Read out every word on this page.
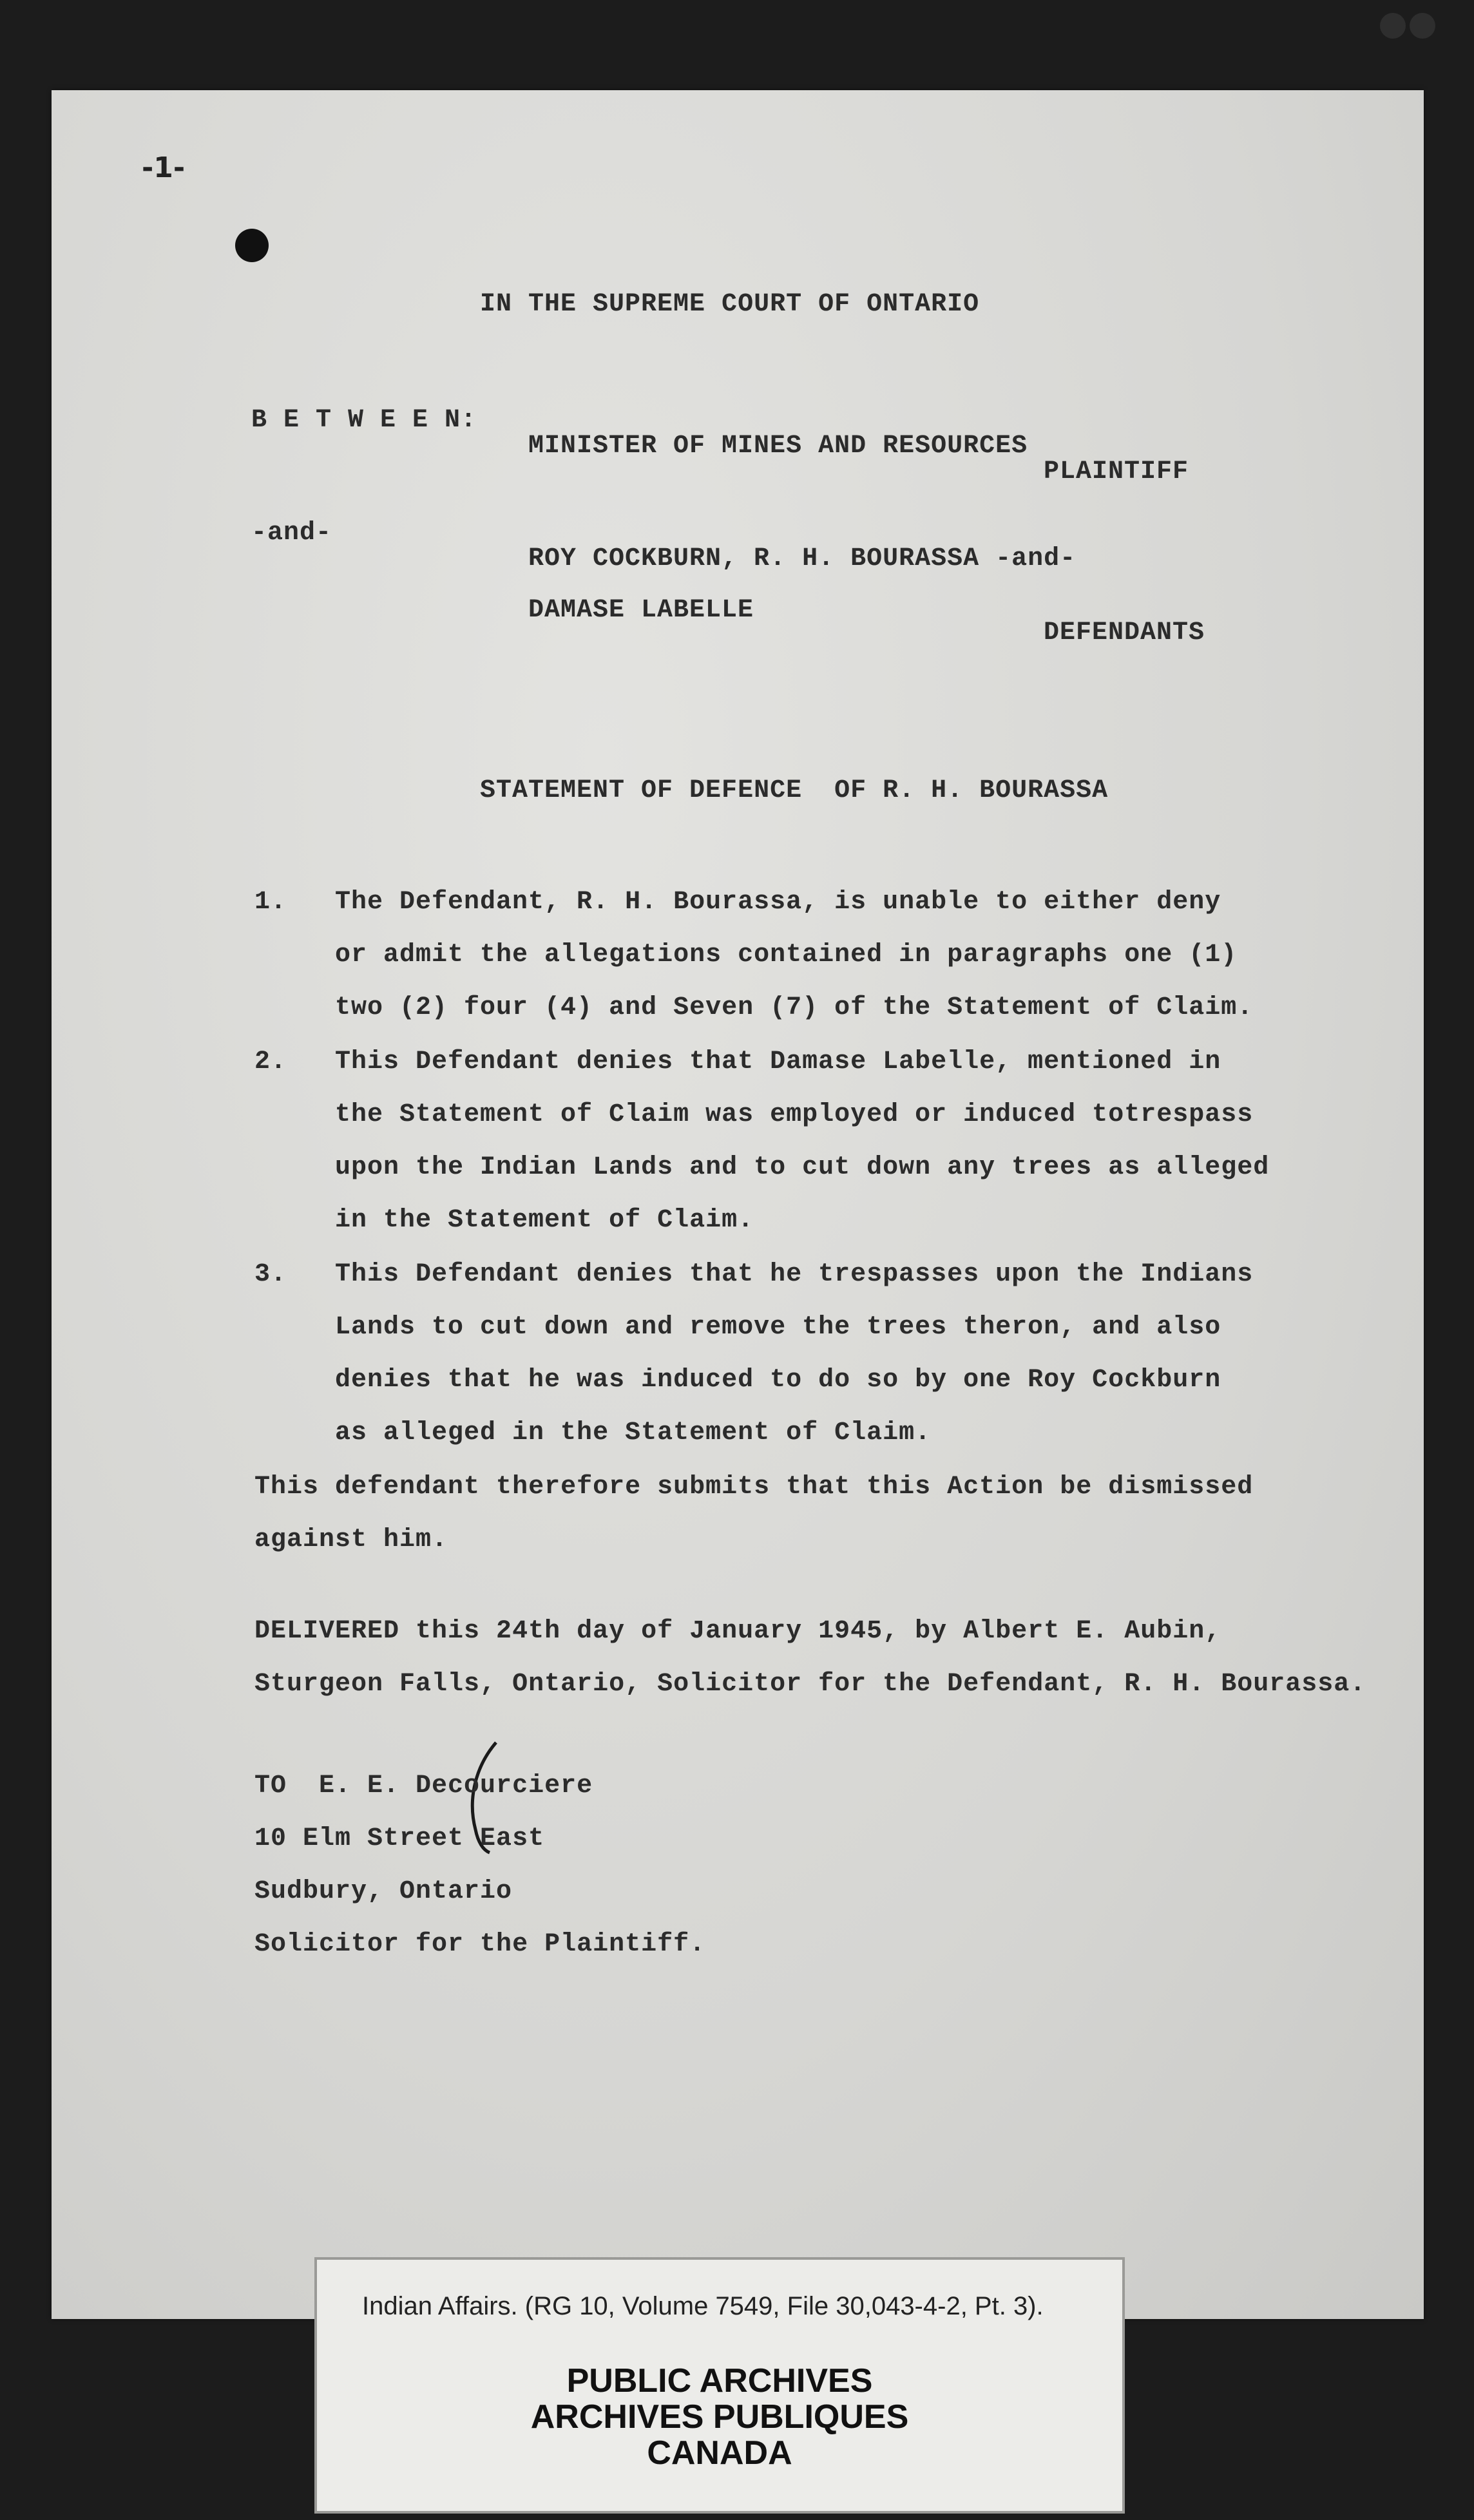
-1-
IN THE SUPREME COURT OF ONTARIO
B E T W E E N:
MINISTER OF MINES AND RESOURCES
PLAINTIFF
-and-
ROY COCKBURN, R. H. BOURASSA -and-
DAMASE LABELLE
DEFENDANTS
STATEMENT OF DEFENCE  OF R. H. BOURASSA
1. The Defendant, R. H. Bourassa, is unable to either deny
or admit the allegations contained in paragraphs one (1)
two (2) four (4) and Seven (7) of the Statement of Claim.
2. This Defendant denies that Damase Labelle, mentioned in
the Statement of Claim was employed or induced totrespass
upon the Indian Lands and to cut down any trees as alleged
in the Statement of Claim.
3. This Defendant denies that he trespasses upon the Indians
Lands to cut down and remove the trees theron, and also
denies that he was induced to do so by one Roy Cockburn
as alleged in the Statement of Claim.
This defendant therefore submits that this Action be dismissed
against him.
DELIVERED this 24th day of January 1945, by Albert E. Aubin,
Sturgeon Falls, Ontario, Solicitor for the Defendant, R. H. Bourassa.
TO  E. E. Decourciere
10 Elm Street East
Sudbury, Ontario
Solicitor for the Plaintiff.
Indian Affairs. (RG 10, Volume 7549, File 30,043-4-2, Pt. 3).
PUBLIC ARCHIVES
ARCHIVES PUBLIQUES
CANADA
